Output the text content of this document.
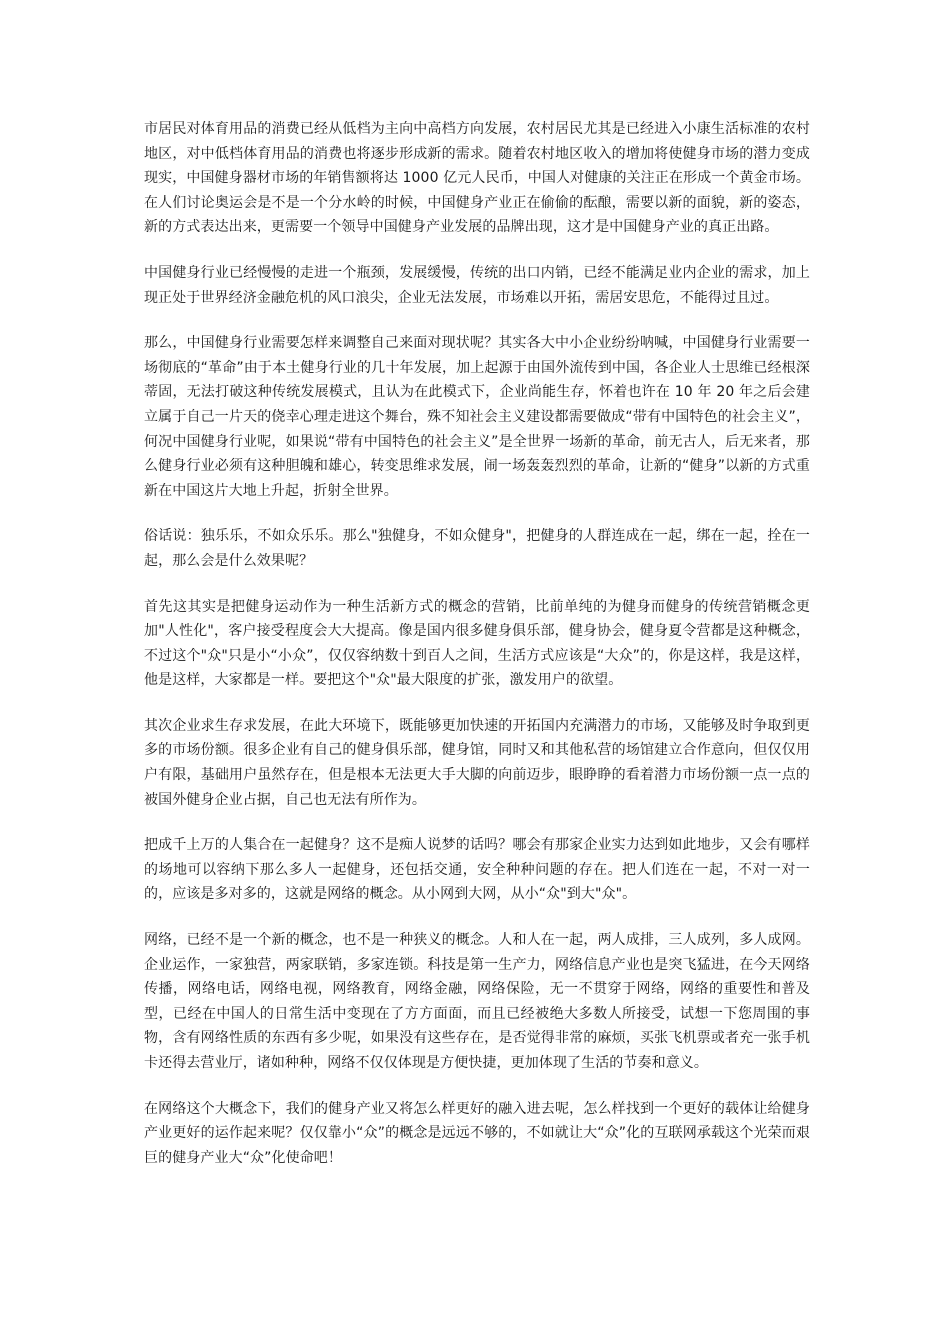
市居民对体育用品的消费已经从低档为主向中高档方向发展，农村居民尤其是已经进入小康生活标准的农村地区，对中低档体育用品的消费也将逐步形成新的需求。随着农村地区收入的增加将使健身市场的潜力变成现实，中国健身器材市场的年销售额将达 1000 亿元人民币，中国人对健康的关注正在形成一个黄金市场。在人们讨论奥运会是不是一个分水岭的时候，中国健身产业正在偷偷的酝酿，需要以新的面貌，新的姿态，新的方式表达出来，更需要一个领导中国健身产业发展的品牌出现，这才是中国健身产业的真正出路。

中国健身行业已经慢慢的走进一个瓶颈，发展缓慢，传统的出口内销，已经不能满足业内企业的需求，加上现正处于世界经济金融危机的风口浪尖，企业无法发展，市场难以开拓，需居安思危，不能得过且过。

那么，中国健身行业需要怎样来调整自己来面对现状呢？其实各大中小企业纷纷呐喊，中国健身行业需要一场彻底的“革命”由于本土健身行业的几十年发展，加上起源于由国外流传到中国，各企业人士思维已经根深蒂固，无法打破这种传统发展模式，且认为在此模式下，企业尚能生存，怀着也许在 10 年 20 年之后会建立属于自己一片天的侥幸心理走进这个舞台，殊不知社会主义建设都需要做成“带有中国特色的社会主义”，何况中国健身行业呢，如果说“带有中国特色的社会主义”是全世界一场新的革命，前无古人，后无来者，那么健身行业必须有这种胆魄和雄心，转变思维求发展，闹一场轰轰烈烈的革命，让新的“健身”以新的方式重新在中国这片大地上升起，折射全世界。

俗话说：独乐乐，不如众乐乐。那么"独健身，不如众健身"，把健身的人群连成在一起，绑在一起，拴在一起，那么会是什么效果呢？

首先这其实是把健身运动作为一种生活新方式的概念的营销，比前单纯的为健身而健身的传统营销概念更加"人性化"，客户接受程度会大大提高。像是国内很多健身俱乐部，健身协会，健身夏令营都是这种概念，不过这个"众"只是小“小众”，仅仅容纳数十到百人之间，生活方式应该是“大众”的，你是这样，我是这样，他是这样，大家都是一样。要把这个"众"最大限度的扩张，激发用户的欲望。

其次企业求生存求发展，在此大环境下，既能够更加快速的开拓国内充满潜力的市场，又能够及时争取到更多的市场份额。很多企业有自己的健身俱乐部，健身馆，同时又和其他私营的场馆建立合作意向，但仅仅用户有限，基础用户虽然存在，但是根本无法更大手大脚的向前迈步，眼睁睁的看着潜力市场份额一点一点的被国外健身企业占据，自己也无法有所作为。

把成千上万的人集合在一起健身？这不是痴人说梦的话吗？哪会有那家企业实力达到如此地步，又会有哪样的场地可以容纳下那么多人一起健身，还包括交通，安全种种问题的存在。把人们连在一起，不对一对一的，应该是多对多的，这就是网络的概念。从小网到大网，从小“众"到大"众"。

网络，已经不是一个新的概念，也不是一种狭义的概念。人和人在一起，两人成排，三人成列，多人成网。企业运作，一家独营，两家联销，多家连锁。科技是第一生产力，网络信息产业也是突飞猛进，在今天网络传播，网络电话，网络电视，网络教育，网络金融，网络保险，无一不贯穿于网络，网络的重要性和普及型，已经在中国人的日常生活中变现在了方方面面，而且已经被绝大多数人所接受，试想一下您周围的事物，含有网络性质的东西有多少呢，如果没有这些存在，是否觉得非常的麻烦，买张飞机票或者充一张手机卡还得去营业厅，诸如种种，网络不仅仅体现是方便快捷，更加体现了生活的节奏和意义。

在网络这个大概念下，我们的健身产业又将怎么样更好的融入进去呢，怎么样找到一个更好的载体让给健身产业更好的运作起来呢？仅仅靠小“众”的概念是远远不够的，不如就让大“众”化的互联网承载这个光荣而艰巨的健身产业大“众”化使命吧！
